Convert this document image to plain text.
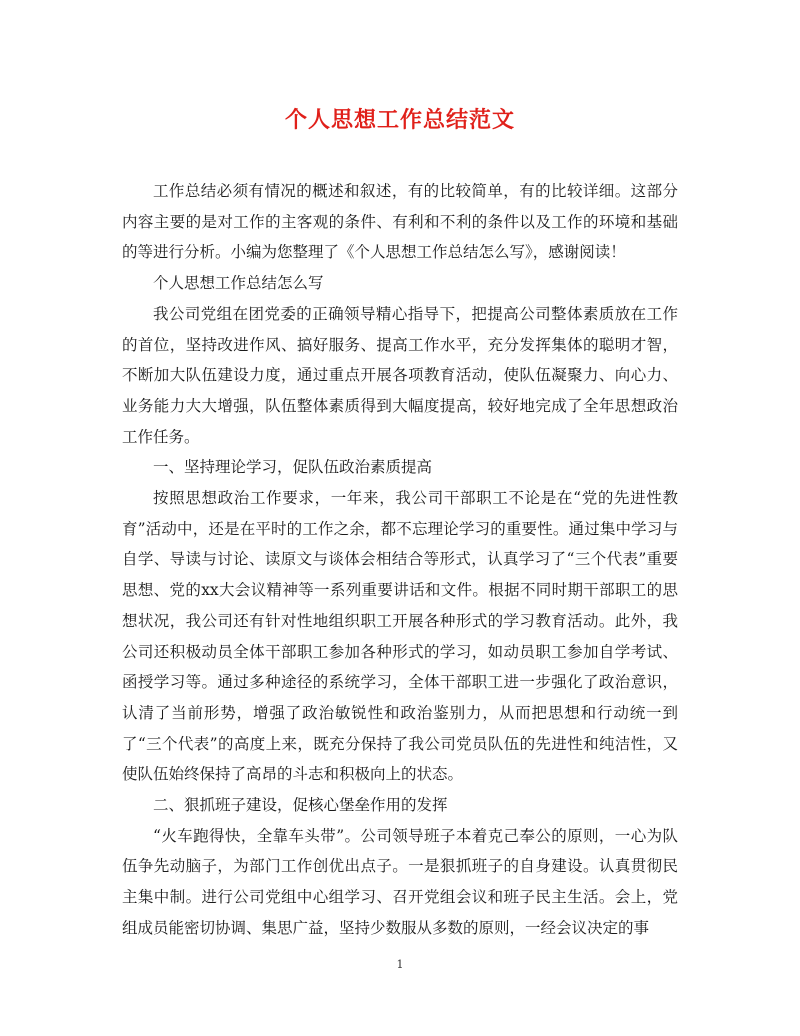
个人思想工作总结范文

工作总结必须有情况的概述和叙述，有的比较简单，有的比较详细。这部分内容主要的是对工作的主客观的条件、有利和不利的条件以及工作的环境和基础的等进行分析。小编为您整理了《个人思想工作总结怎么写》，感谢阅读！

个人思想工作总结怎么写

我公司党组在团党委的正确领导精心指导下，把提高公司整体素质放在工作的首位，坚持改进作风、搞好服务、提高工作水平，充分发挥集体的聪明才智，不断加大队伍建设力度，通过重点开展各项教育活动，使队伍凝聚力、向心力、业务能力大大增强，队伍整体素质得到大幅度提高，较好地完成了全年思想政治工作任务。

一、坚持理论学习，促队伍政治素质提高

按照思想政治工作要求，一年来，我公司干部职工不论是在“党的先进性教育”活动中，还是在平时的工作之余，都不忘理论学习的重要性。通过集中学习与自学、导读与讨论、读原文与谈体会相结合等形式，认真学习了“三个代表”重要思想、党的xx大会议精神等一系列重要讲话和文件。根据不同时期干部职工的思想状况，我公司还有针对性地组织职工开展各种形式的学习教育活动。此外，我公司还积极动员全体干部职工参加各种形式的学习，如动员职工参加自学考试、函授学习等。通过多种途径的系统学习，全体干部职工进一步强化了政治意识，认清了当前形势，增强了政治敏锐性和政治鉴别力，从而把思想和行动统一到了“三个代表”的高度上来，既充分保持了我公司党员队伍的先进性和纯洁性，又使队伍始终保持了高昂的斗志和积极向上的状态。

二、狠抓班子建设，促核心堡垒作用的发挥

“火车跑得快，全靠车头带”。公司领导班子本着克己奉公的原则，一心为队伍争先动脑子，为部门工作创优出点子。一是狠抓班子的自身建设。认真贯彻民主集中制。进行公司党组中心组学习、召开党组会议和班子民主生活。会上，党组成员能密切协调、集思广益，坚持少数服从多数的原则，一经会议决定的事

1
